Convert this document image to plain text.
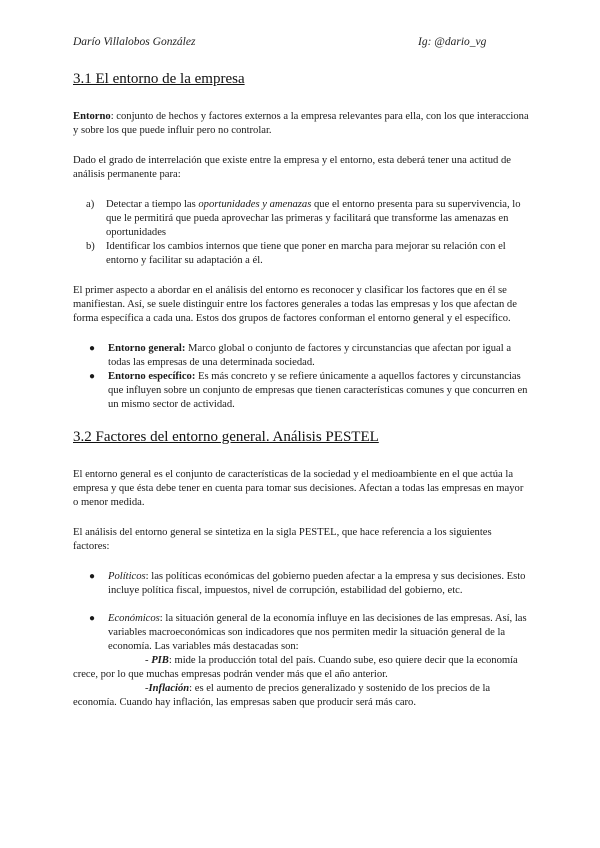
Darío Villalobos González	Ig: @dario_vg
3.1 El entorno de la empresa

Entorno: conjunto de hechos y factores externos a la empresa relevantes para ella, con los que interacciona y sobre los que puede influir pero no controlar.

Dado el grado de interrelación que existe entre la empresa y el entorno, esta deberá tener una actitud de análisis permanente para:

a) Detectar a tiempo las oportunidades y amenazas que el entorno presenta para su supervivencia, lo que le permitirá que pueda aprovechar las primeras y facilitará que transforme las amenazas en oportunidades
b) Identificar los cambios internos que tiene que poner en marcha para mejorar su relación con el entorno y facilitar su adaptación a él.

El primer aspecto a abordar en el análisis del entorno es reconocer y clasificar los factores que en él se manifiestan. Así, se suele distinguir entre los factores generales a todas las empresas y los que afectan de forma específica a cada una. Estos dos grupos de factores conforman el entorno general y el específico.

● Entorno general: Marco global o conjunto de factores y circunstancias que afectan por igual a todas las empresas de una determinada sociedad.
● Entorno específico: Es más concreto y se refiere únicamente a aquellos factores y circunstancias que influyen sobre un conjunto de empresas que tienen características comunes y que concurren en un mismo sector de actividad.
3.2 Factores del entorno general. Análisis PESTEL

El entorno general es el conjunto de características de la sociedad y el medioambiente en el que actúa la empresa y que ésta debe tener en cuenta para tomar sus decisiones. Afectan a todas las empresas en mayor o menor medida.

El análisis del entorno general se sintetiza en la sigla PESTEL, que hace referencia a los siguientes factores:

● Políticos: las políticas económicas del gobierno pueden afectar a la empresa y sus decisiones. Esto incluye política fiscal, impuestos, nivel de corrupción, estabilidad del gobierno, etc.
● Económicos: la situación general de la economía influye en las decisiones de las empresas. Así, las variables macroeconómicas son indicadores que nos permiten medir la situación general de la economía. Las variables más destacadas son:
- PIB: mide la producción total del país. Cuando sube, eso quiere decir que la economía crece, por lo que muchas empresas podrán vender más que el año anterior.
-Inflación: es el aumento de precios generalizado y sostenido de los precios de la economía. Cuando hay inflación, las empresas saben que producir será más caro.
